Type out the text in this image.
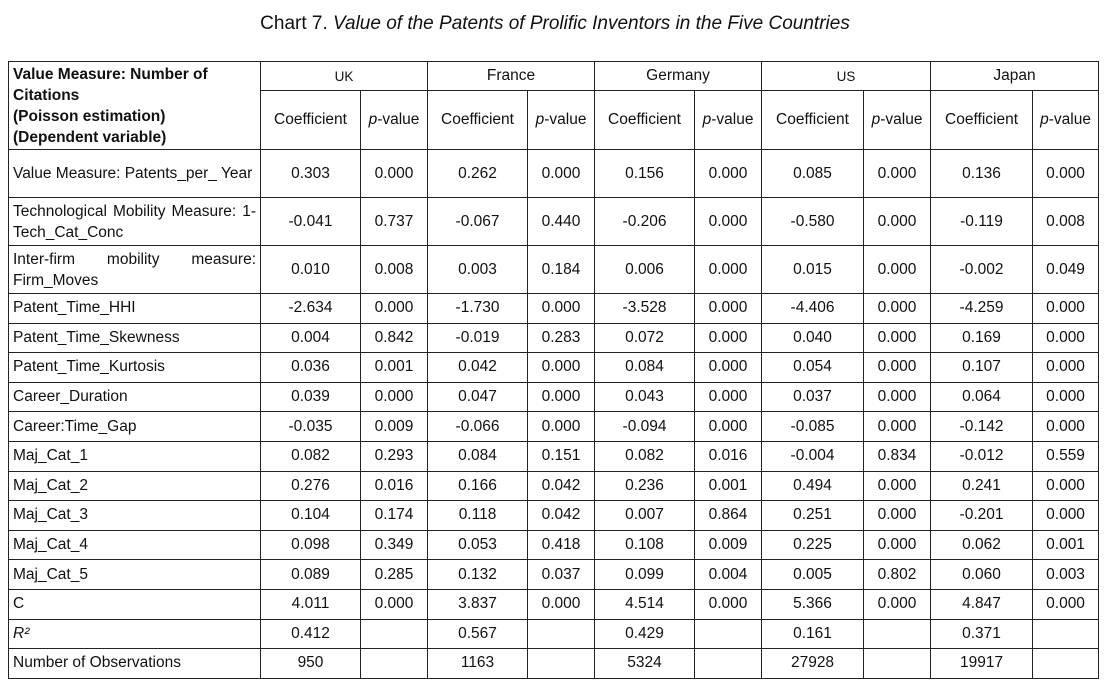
Chart 7. Value of the Patents of Prolific Inventors in the Five Countries
Value Measure: Number of
Citations
(Poisson estimation)
(Dependent variable)	UK		France		Germany		US		Japan	
	Coefficient	p-value	Coefficient	p-value	Coefficient	p-value	Coefficient	p-value	Coefficient	p-value
Value Measure: Patents_per_ Year	0.303	0.000	0.262	0.000	0.156	0.000	0.085	0.000	0.136	0.000
Technological Mobility Measure: 1-Tech_Cat_Conc	-0.041	0.737	-0.067	0.440	-0.206	0.000	-0.580	0.000	-0.119	0.008
Inter-firm mobility measure: Firm_Moves	0.010	0.008	0.003	0.184	0.006	0.000	0.015	0.000	-0.002	0.049
Patent_Time_HHI	-2.634	0.000	-1.730	0.000	-3.528	0.000	-4.406	0.000	-4.259	0.000
Patent_Time_Skewness	0.004	0.842	-0.019	0.283	0.072	0.000	0.040	0.000	0.169	0.000
Patent_Time_Kurtosis	0.036	0.001	0.042	0.000	0.084	0.000	0.054	0.000	0.107	0.000
Career_Duration	0.039	0.000	0.047	0.000	0.043	0.000	0.037	0.000	0.064	0.000
Career:Time_Gap	-0.035	0.009	-0.066	0.000	-0.094	0.000	-0.085	0.000	-0.142	0.000
Maj_Cat_1	0.082	0.293	0.084	0.151	0.082	0.016	-0.004	0.834	-0.012	0.559
Maj_Cat_2	0.276	0.016	0.166	0.042	0.236	0.001	0.494	0.000	0.241	0.000
Maj_Cat_3	0.104	0.174	0.118	0.042	0.007	0.864	0.251	0.000	-0.201	0.000
Maj_Cat_4	0.098	0.349	0.053	0.418	0.108	0.009	0.225	0.000	0.062	0.001
Maj_Cat_5	0.089	0.285	0.132	0.037	0.099	0.004	0.005	0.802	0.060	0.003
C	4.011	0.000	3.837	0.000	4.514	0.000	5.366	0.000	4.847	0.000
R²	0.412		0.567		0.429		0.161		0.371	
Number of Observations	950		1163		5324		27928		19917	
